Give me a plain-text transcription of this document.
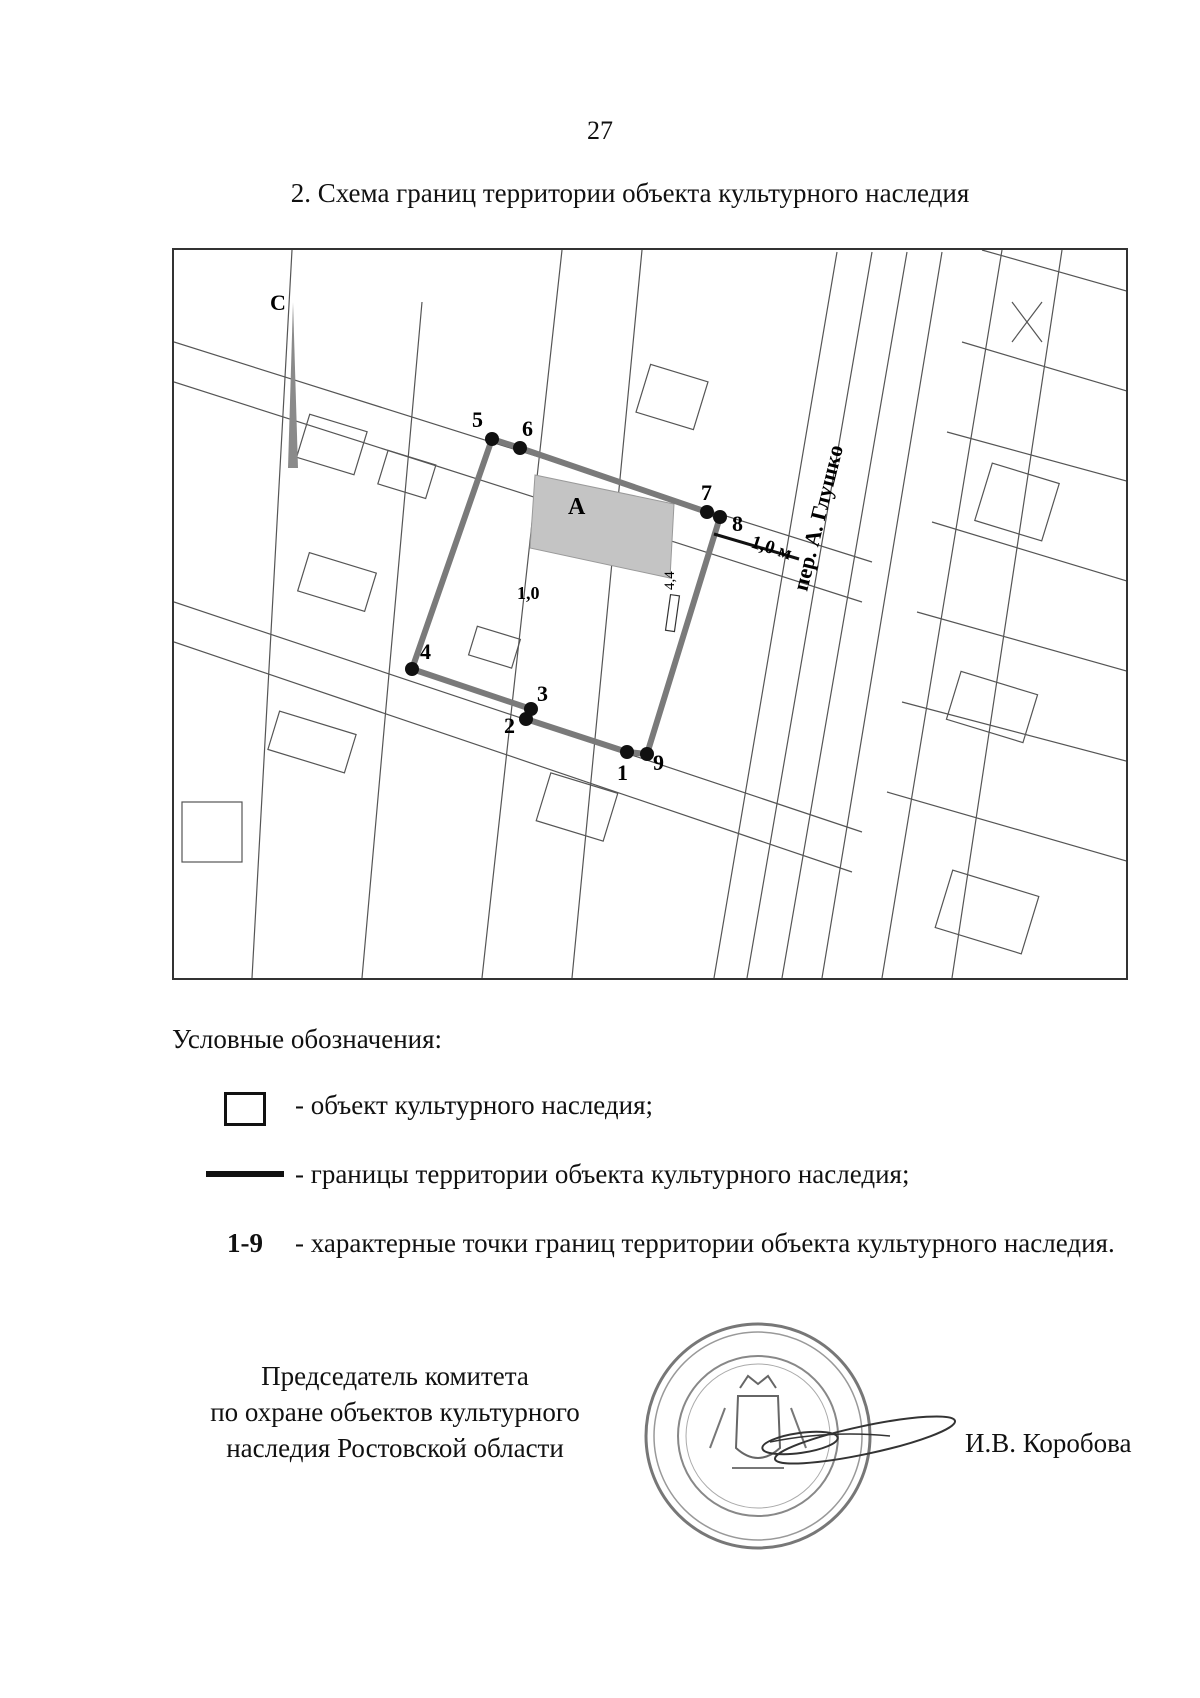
27
2. Схема границ территории объекта культурного наследия
1
2
3
4
5 6
7
8
9
С
А
1,0
4,4
1,0 м
пер. А. Глушко
Условные обозначения:
- объект культурного наследия;
- границы территории объекта культурного наследия;
1-9 - характерные точки границ территории объекта культурного наследия.
Председатель комитета
по охране объектов культурного
наследия Ростовской области	И.В. Коробова
